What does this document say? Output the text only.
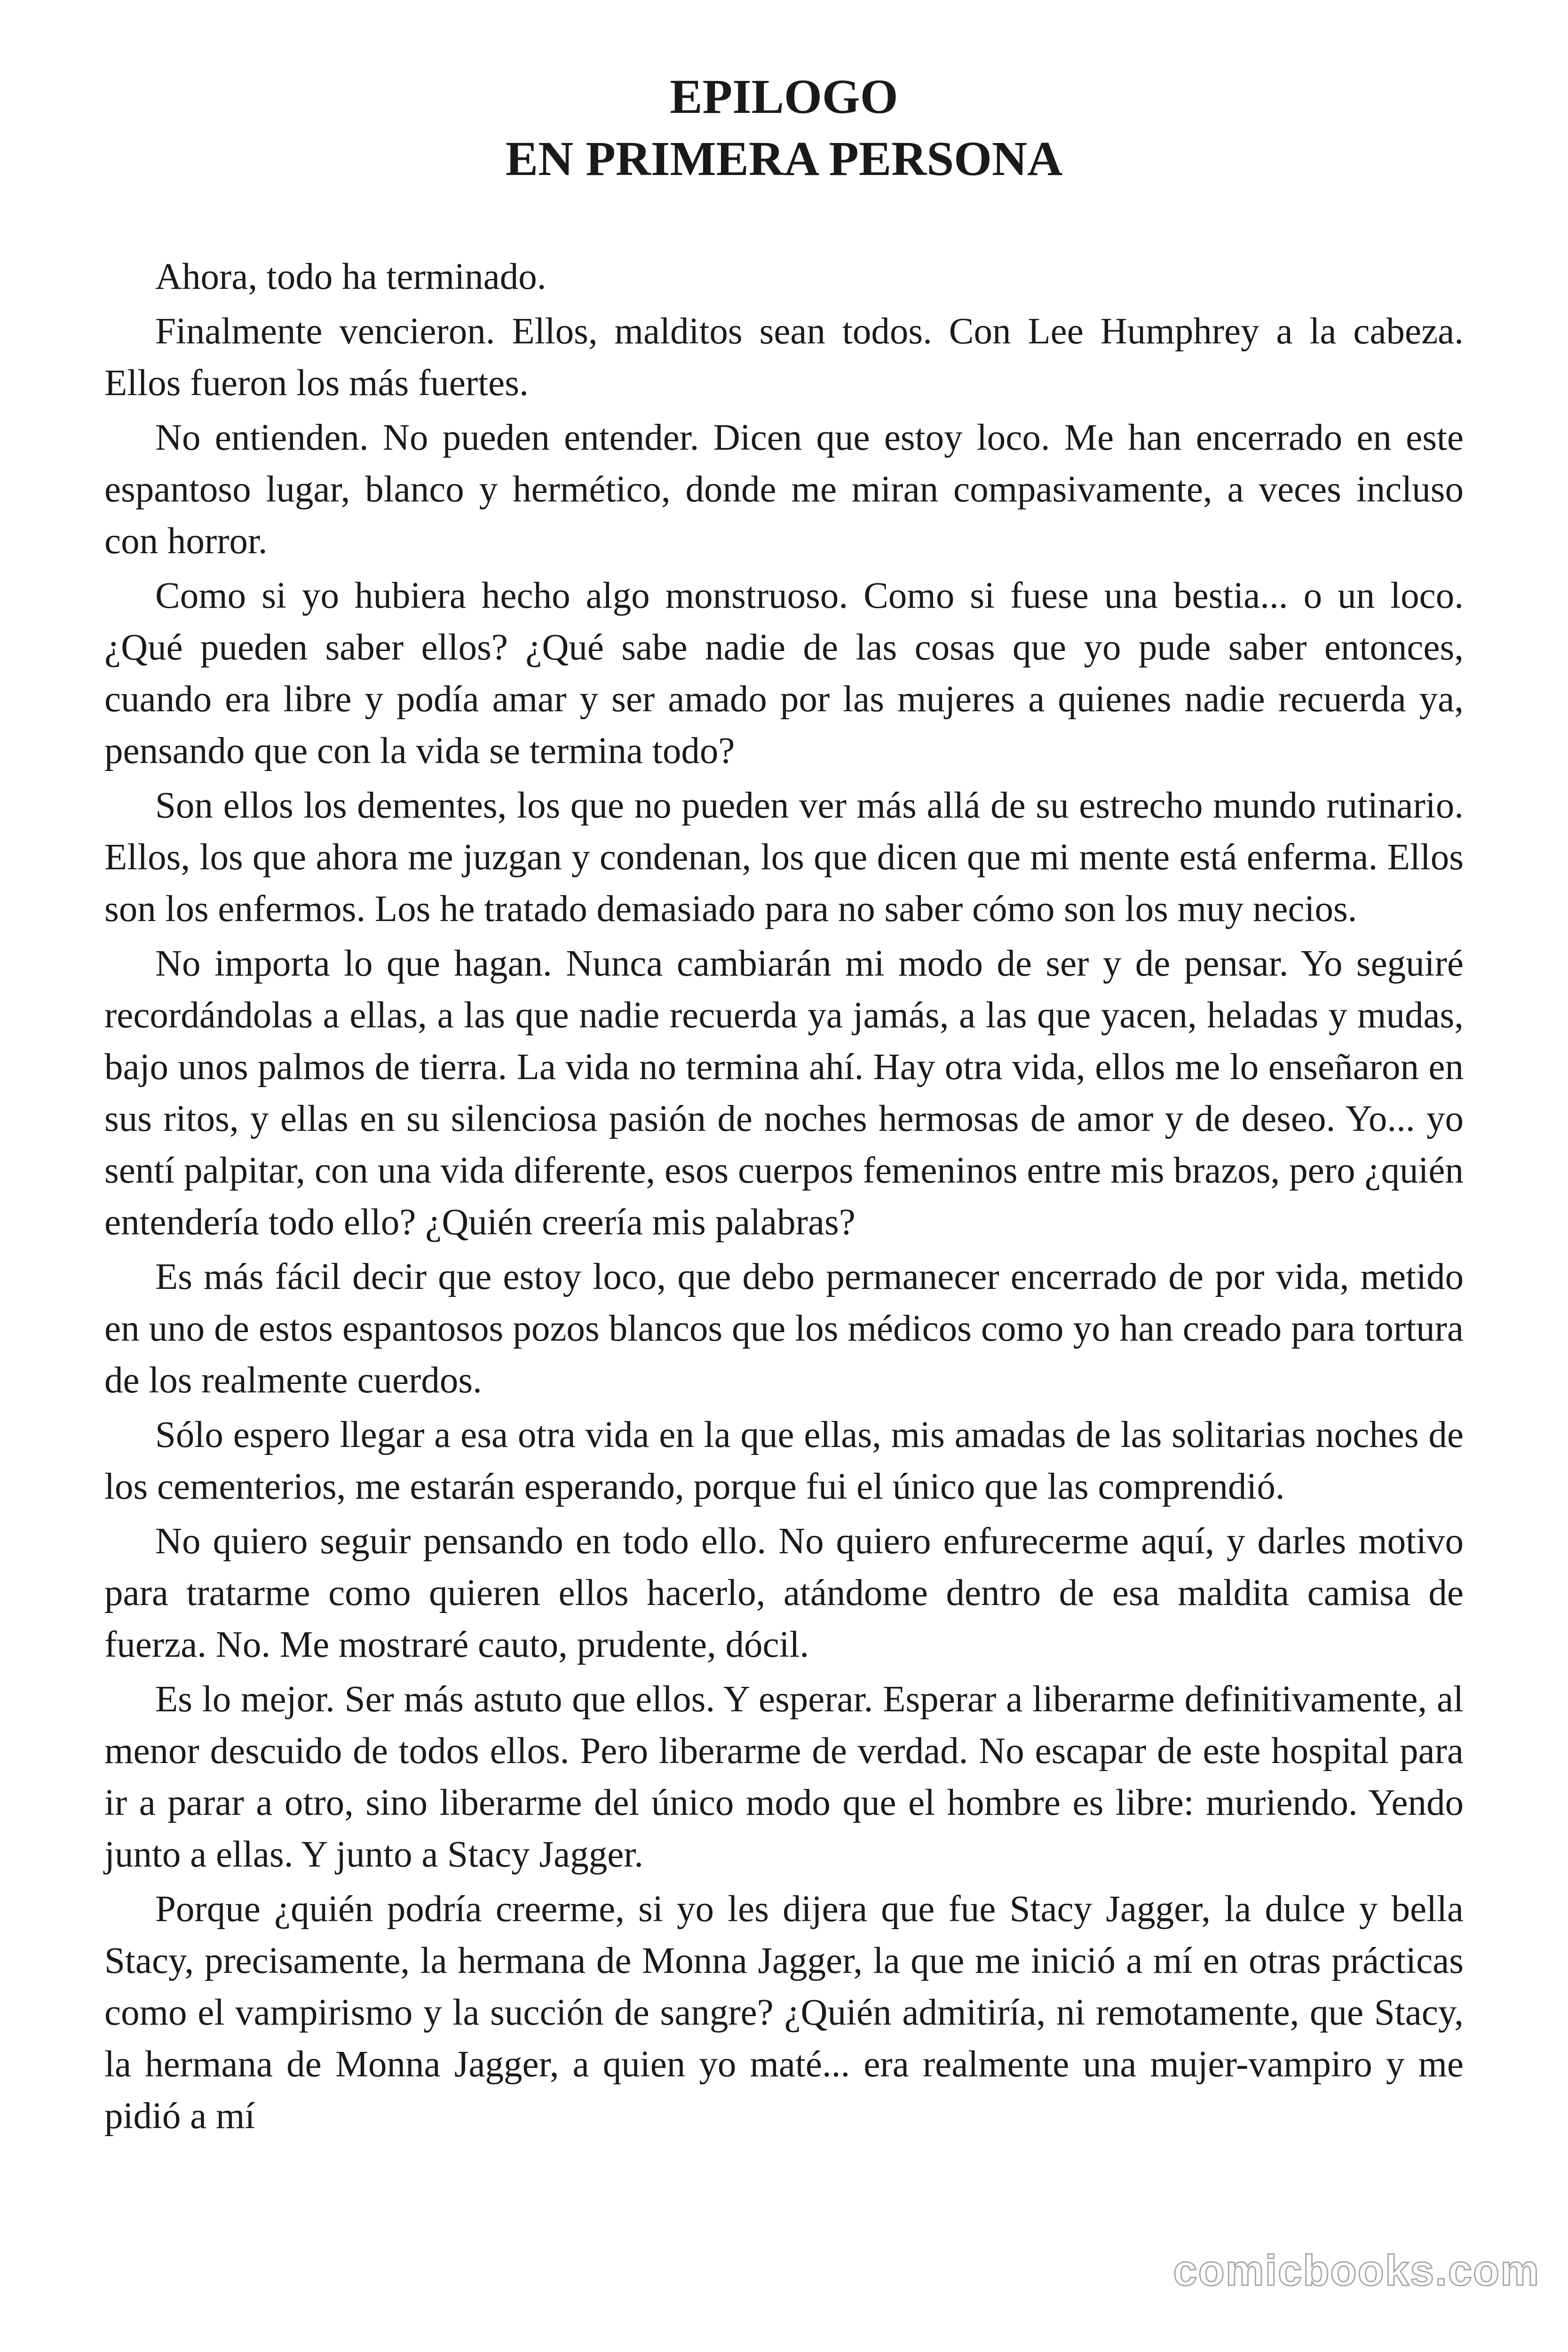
EPILOGO
EN PRIMERA PERSONA

Ahora, todo ha terminado.

Finalmente vencieron. Ellos, malditos sean todos. Con Lee Humphrey a la cabeza. Ellos fueron los más fuertes.

No entienden. No pueden entender. Dicen que estoy loco. Me han encerrado en este espantoso lugar, blanco y hermético, donde me miran compasivamente, a veces incluso con horror.

Como si yo hubiera hecho algo monstruoso. Como si fuese una bestia... o un loco. ¿Qué pueden saber ellos? ¿Qué sabe nadie de las cosas que yo pude saber entonces, cuando era libre y podía amar y ser amado por las mujeres a quienes nadie recuerda ya, pensando que con la vida se termina todo?

Son ellos los dementes, los que no pueden ver más allá de su estrecho mundo rutinario. Ellos, los que ahora me juzgan y condenan, los que dicen que mi mente está enferma. Ellos son los enfermos. Los he tratado demasiado para no saber cómo son los muy necios.

No importa lo que hagan. Nunca cambiarán mi modo de ser y de pensar. Yo seguiré recordándolas a ellas, a las que nadie recuerda ya jamás, a las que yacen, heladas y mudas, bajo unos palmos de tierra. La vida no termina ahí. Hay otra vida, ellos me lo enseñaron en sus ritos, y ellas en su silenciosa pasión de noches hermosas de amor y de deseo. Yo... yo sentí palpitar, con una vida diferente, esos cuerpos femeninos entre mis brazos, pero ¿quién entendería todo ello? ¿Quién creería mis palabras?

Es más fácil decir que estoy loco, que debo permanecer encerrado de por vida, metido en uno de estos espantosos pozos blancos que los médicos como yo han creado para tortura de los realmente cuerdos.

Sólo espero llegar a esa otra vida en la que ellas, mis amadas de las solitarias noches de los cementerios, me estarán esperando, porque fui el único que las comprendió.

No quiero seguir pensando en todo ello. No quiero enfurecerme aquí, y darles motivo para tratarme como quieren ellos hacerlo, atándome dentro de esa maldita camisa de fuerza. No. Me mostraré cauto, prudente, dócil.

Es lo mejor. Ser más astuto que ellos. Y esperar. Esperar a liberarme definitivamente, al menor descuido de todos ellos. Pero liberarme de verdad. No escapar de este hospital para ir a parar a otro, sino liberarme del único modo que el hombre es libre: muriendo. Yendo junto a ellas. Y junto a Stacy Jagger.

Porque ¿quién podría creerme, si yo les dijera que fue Stacy Jagger, la dulce y bella Stacy, precisamente, la hermana de Monna Jagger, la que me inició a mí en otras prácticas como el vampirismo y la succión de sangre? ¿Quién admitiría, ni remotamente, que Stacy, la hermana de Monna Jagger, a quien yo maté... era realmente una mujer-vampiro y me pidió a mí

comicbooks.com
